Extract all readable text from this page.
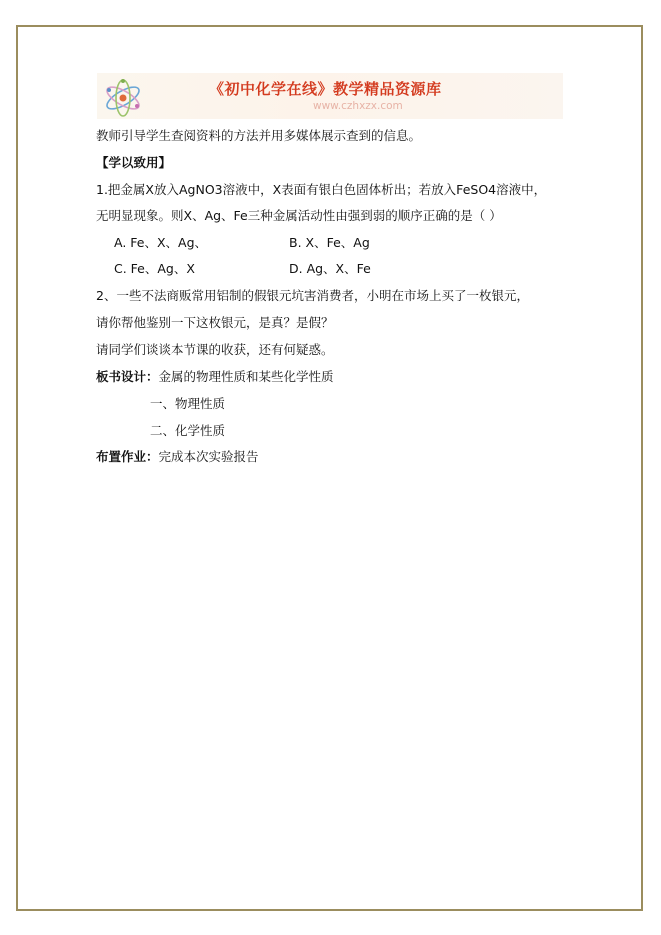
《初中化学在线》教学精品资源库
www.czhxzx.com
教师引导学生查阅资料的方法并用多媒体展示查到的信息。
【学以致用】
1.把金属X放入AgNO3溶液中，X表面有银白色固体析出；若放入FeSO4溶液中，
无明显现象。则X、Ag、Fe三种金属活动性由强到弱的顺序正确的是（ ）
A. Fe、X、Ag、	B. X、Fe、Ag
C. Fe、Ag、X	D. Ag、X、Fe
2、一些不法商贩常用铝制的假银元坑害消费者，小明在市场上买了一枚银元，
请你帮他鉴别一下这枚银元，是真？是假？
请同学们谈谈本节课的收获，还有何疑惑。
板书设计：金属的物理性质和某些化学性质
一、物理性质
二、化学性质
布置作业：完成本次实验报告
